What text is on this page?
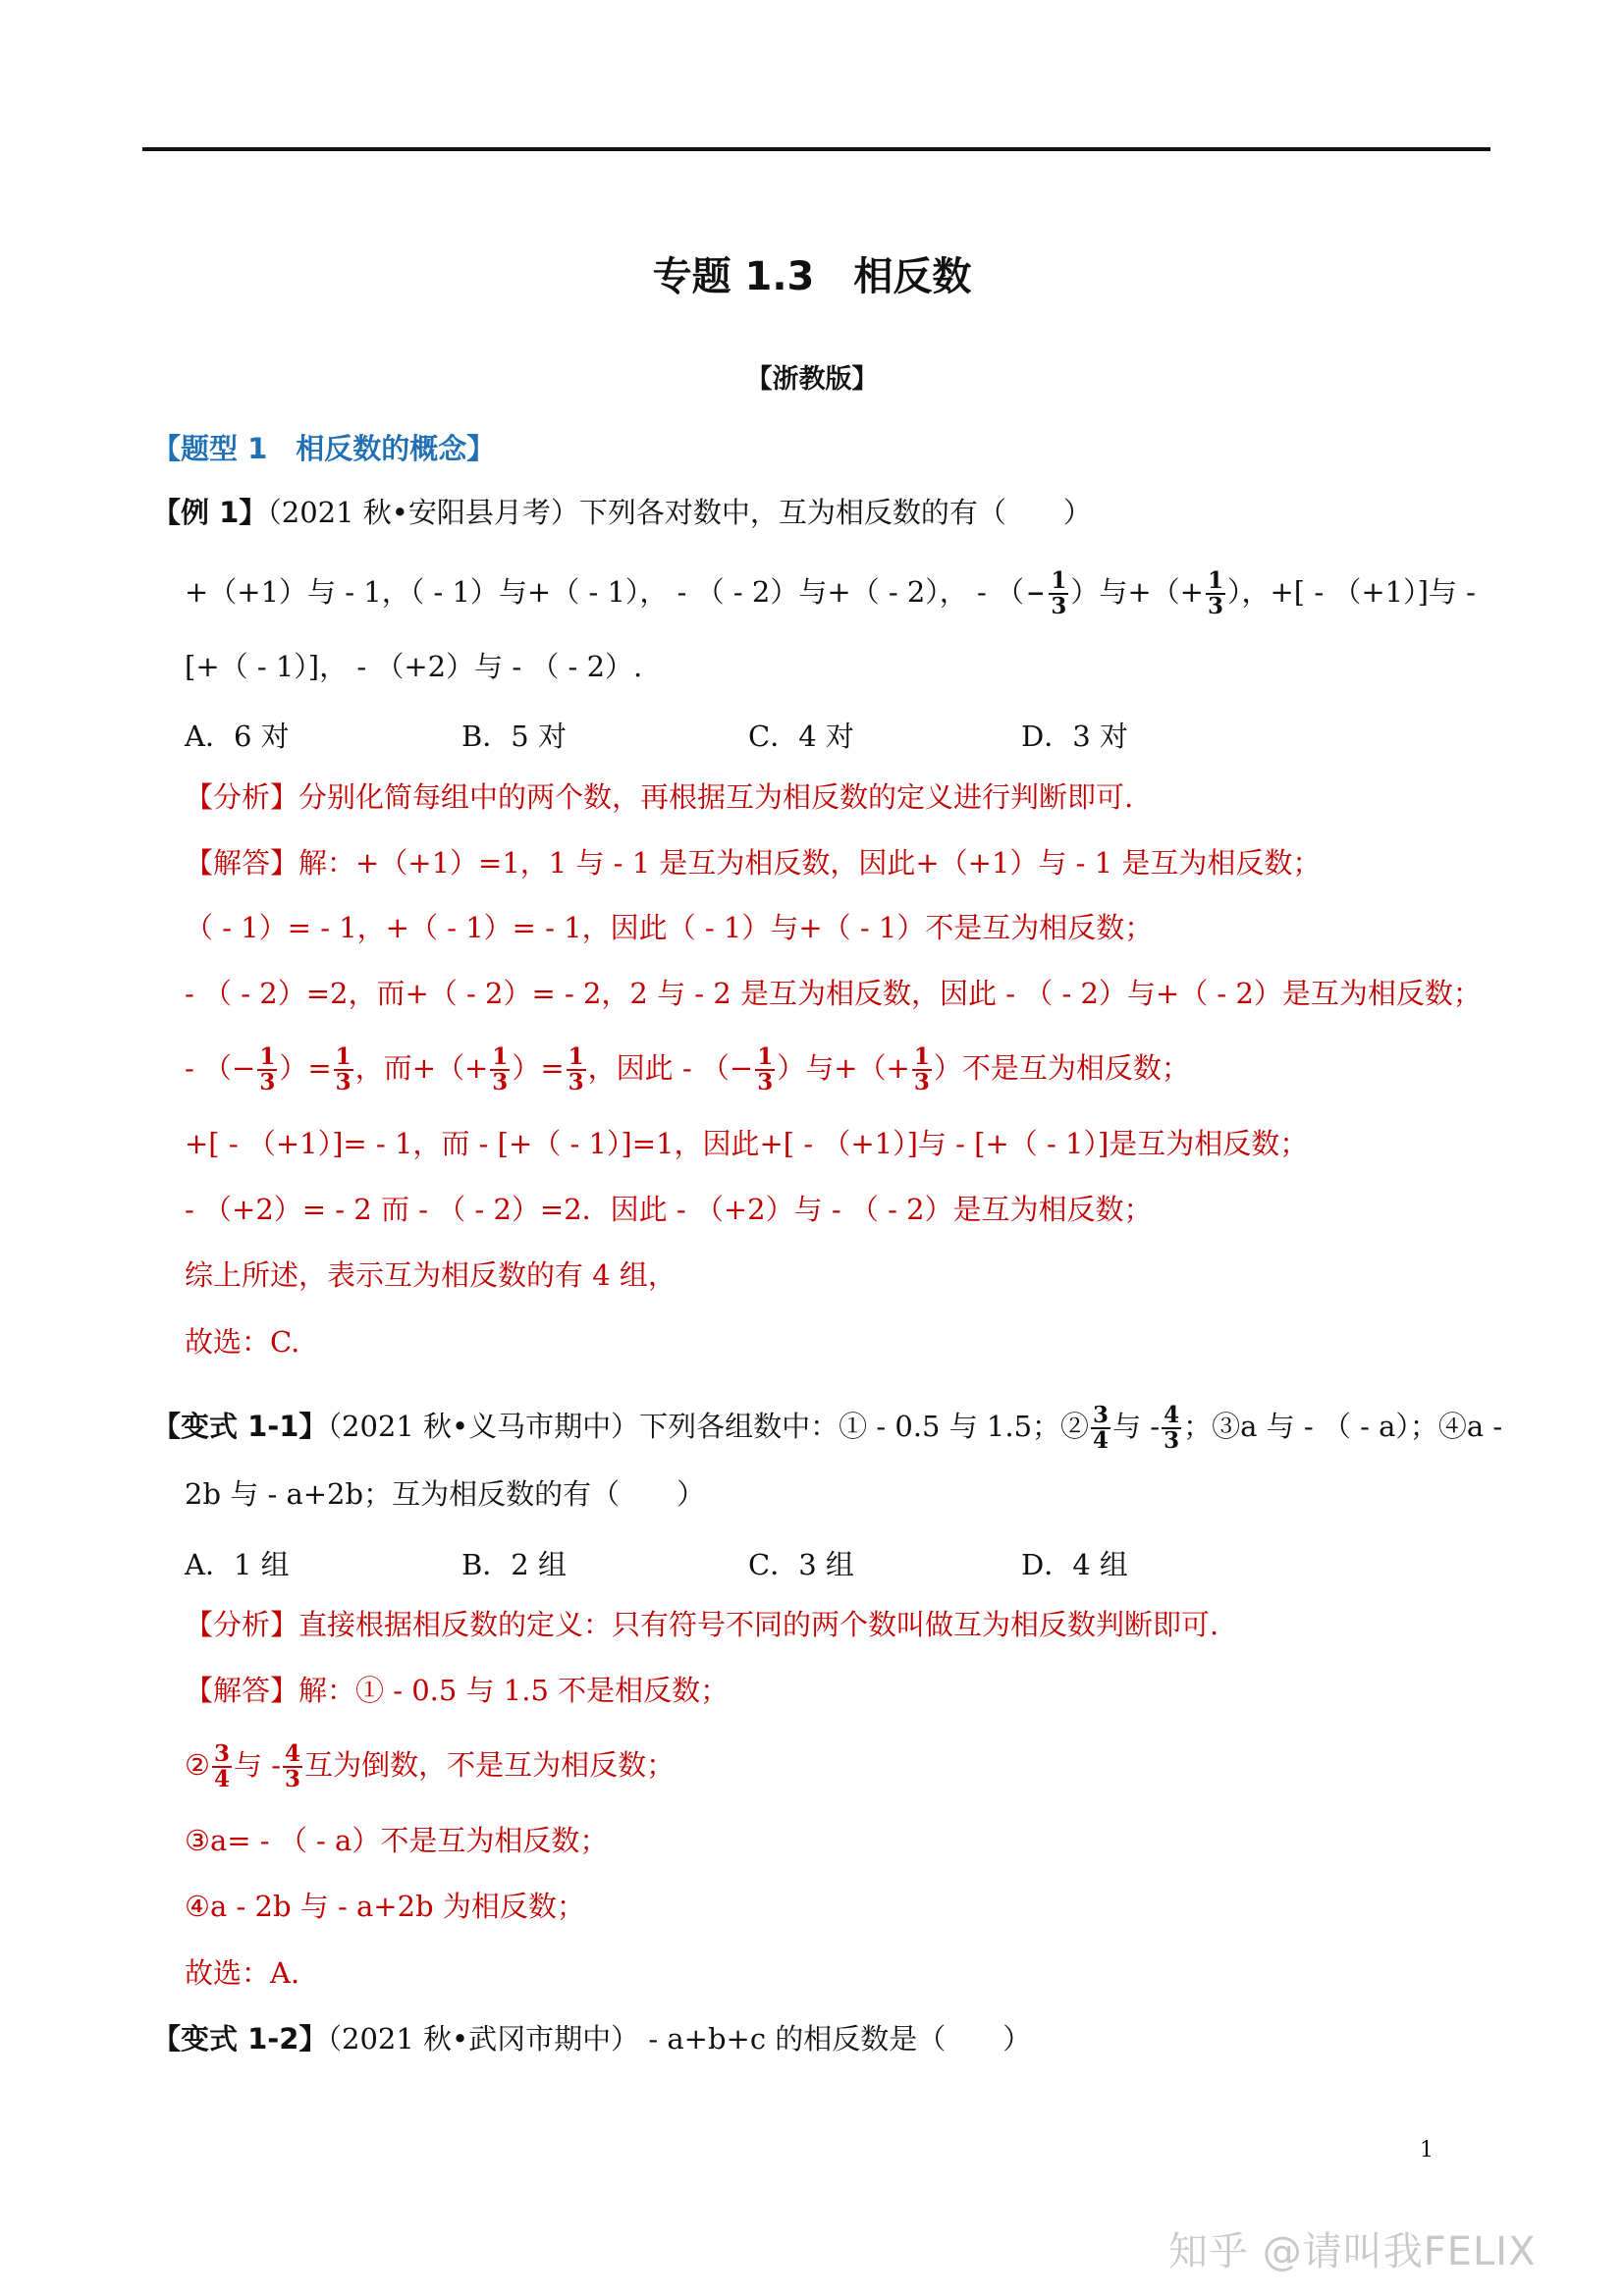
专题 1.3　相反数
【浙教版】
【题型 1　相反数的概念】
【例 1】（2021 秋•安阳县月考）下列各对数中，互为相反数的有（　　）
+（+1）与 - 1，（ - 1）与+（ - 1）， - （ - 2）与+（ - 2）， - （− $\frac{1}{3}$ ）与+（+ $\frac{1}{3}$ ），+[ - （+1）]与 -
[+（ - 1）]， - （+2）与 - （ - 2）.
A．6 对	B．5 对	C．4 对	D．3 对
【分析】分别化简每组中的两个数，再根据互为相反数的定义进行判断即可.
【解答】解：+（+1）=1，1 与 - 1 是互为相反数，因此+（+1）与 - 1 是互为相反数；
（ - 1）= - 1，+（ - 1）= - 1，因此（ - 1）与+（ - 1）不是互为相反数；
- （ - 2）=2，而+（ - 2）= - 2，2 与 - 2 是互为相反数，因此 - （ - 2）与+（ - 2）是互为相反数；
- （− $\frac{1}{3}$ ）= $\frac{1}{3}$ ，而+（+ $\frac{1}{3}$ ）= $\frac{1}{3}$ ，因此 - （− $\frac{1}{3}$ ）与+（+ $\frac{1}{3}$ ）不是互为相反数；
+[ - （+1）]= - 1，而 - [+（ - 1）]=1，因此+[ - （+1）]与 - [+（ - 1）]是互为相反数；
- （+2）= - 2 而 - （ - 2）=2．因此 - （+2）与 - （ - 2）是互为相反数；
综上所述，表示互为相反数的有 4 组，
故选：C.
【变式 1-1】（2021 秋•义马市期中）下列各组数中：① - 0.5 与 1.5；② $\frac{3}{4}$ 与 - $\frac{4}{3}$ ；③a 与 - （ - a）；④a -
2b 与 - a+2b；互为相反数的有（　　）
A．1 组	B．2 组	C．3 组	D．4 组
【分析】直接根据相反数的定义：只有符号不同的两个数叫做互为相反数判断即可.
【解答】解：① - 0.5 与 1.5 不是相反数；
② $\frac{3}{4}$ 与 - $\frac{4}{3}$ 互为倒数，不是互为相反数；
③a= - （ - a）不是互为相反数；
④a - 2b 与 - a+2b 为相反数；
故选：A.
【变式 1-2】（2021 秋•武冈市期中） - a+b+c 的相反数是（　　）
1
知乎 @请叫我FELIX
